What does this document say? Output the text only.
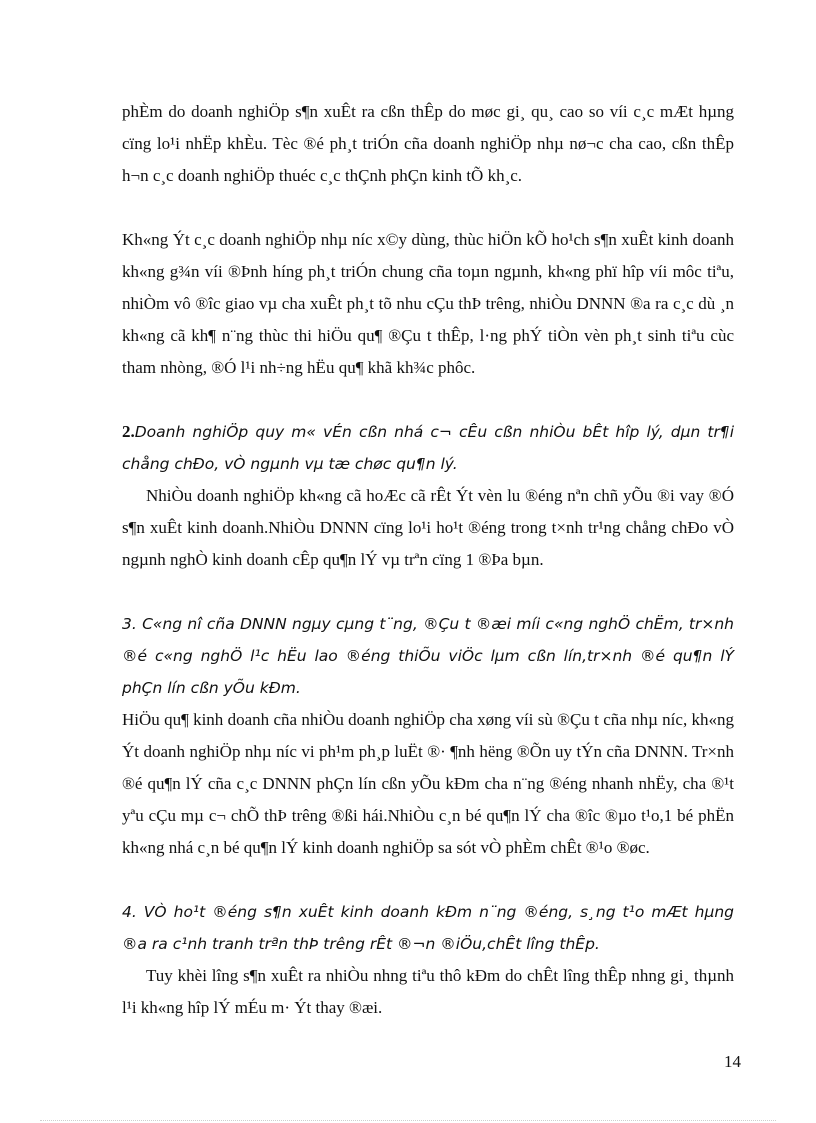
phÈm do doanh nghiÖp s¶n xuÊt ra cßn thÊp do møc gi¸ qu¸ cao so víi c¸c mÆt hµng cïng lo¹i nhËp khÈu. Tèc ®é ph¸t triÓn cña doanh nghiÖp nhµ nø¬c cha cao, cßn thÊp h¬n c¸c doanh nghiÖp thuéc c¸c thÇnh phÇn kinh tÕ kh¸c.

Kh«ng Ýt c¸c doanh nghiÖp nhµ níc x©y dùng, thùc hiÖn kÕ ho¹ch s¶n xuÊt kinh doanh kh«ng g¾n víi ®Þnh híng ph¸t triÓn chung cña toµn ngµnh, kh«ng phï hîp víi môc tiªu, nhiÒm vô ®îc giao vµ cha xuÊt ph¸t tõ nhu cÇu thÞ trêng, nhiÒu DNNN ®a ra c¸c dù ¸n kh«ng cã kh¶ n¨ng thùc thi hiÖu qu¶ ®Çu t thÊp, l·ng phÝ tiÒn vèn ph¸t sinh tiªu cùc tham nhòng, ®Ó l¹i nh÷ng hËu qu¶ khã kh¾c phôc.

2.Doanh nghiÖp quy m« vÉn cßn nhá c¬ cÊu cßn nhiÒu bÊt hîp lý, dµn tr¶i chång chÐo, vÒ ngµnh vµ tæ chøc qu¶n lý.

NhiÒu doanh nghiÖp kh«ng cã hoÆc cã rÊt Ýt vèn lu ®éng nªn chñ yÕu ®i vay ®Ó s¶n xuÊt kinh doanh.NhiÒu DNNN cïng lo¹i ho¹t ®éng trong t×nh tr¹ng chång chÐo vÒ ngµnh nghÒ kinh doanh cÊp qu¶n lÝ vµ trªn cïng 1 ®Þa bµn.

3. C«ng nî cña DNNN ngµy cµng t¨ng, ®Çu t ®æi míi c«ng nghÖ chËm, tr×nh ®é c«ng nghÖ l¹c hËu lao ®éng thiÕu viÖc lµm cßn lín,tr×nh ®é qu¶n lÝ phÇn lín cßn yÕu kÐm.

HiÖu qu¶ kinh doanh cña nhiÒu doanh nghiÖp cha xøng víi sù ®Çu t cña nhµ níc, kh«ng Ýt doanh nghiÖp nhµ níc vi ph¹m ph¸p luËt ®· ¶nh hëng ®Õn uy tÝn cña DNNN. Tr×nh ®é qu¶n lÝ cña c¸c DNNN phÇn lín cßn yÕu kÐm cha n¨ng ®éng nhanh nhËy, cha ®¹t yªu cÇu mµ c¬ chÕ thÞ trêng ®ßi hái.NhiÒu c¸n bé qu¶n lÝ cha ®îc ®µo t¹o,1 bé phËn kh«ng nhá c¸n bé qu¶n lÝ kinh doanh nghiÖp sa sót vÒ phÈm chÊt ®¹o ®øc.

4. VÒ ho¹t ®éng s¶n xuÊt kinh doanh kÐm n¨ng ®éng, s¸ng t¹o mÆt hµng ®a ra c¹nh tranh trªn thÞ trêng rÊt ®¬n ®iÖu,chÊt lîng thÊp.

Tuy khèi lîng s¶n xuÊt ra nhiÒu nhng tiªu thô kÐm do chÊt lîng thÊp nhng gi¸ thµnh l¹i kh«ng hîp lÝ mÉu m· Ýt thay ®æi.

14
